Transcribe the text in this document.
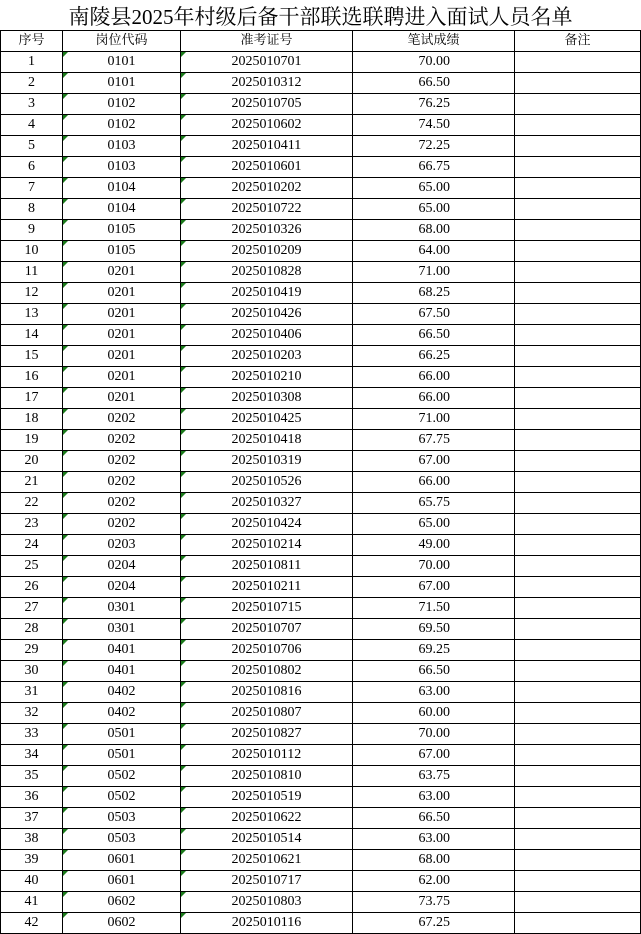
南陵县2025年村级后备干部联选联聘进入面试人员名单
序号	岗位代码	准考证号	笔试成绩	备注
1	0101	2025010701	70.00	
2	0101	2025010312	66.50	
3	0102	2025010705	76.25	
4	0102	2025010602	74.50	
5	0103	2025010411	72.25	
6	0103	2025010601	66.75	
7	0104	2025010202	65.00	
8	0104	2025010722	65.00	
9	0105	2025010326	68.00	
10	0105	2025010209	64.00	
11	0201	2025010828	71.00	
12	0201	2025010419	68.25	
13	0201	2025010426	67.50	
14	0201	2025010406	66.50	
15	0201	2025010203	66.25	
16	0201	2025010210	66.00	
17	0201	2025010308	66.00	
18	0202	2025010425	71.00	
19	0202	2025010418	67.75	
20	0202	2025010319	67.00	
21	0202	2025010526	66.00	
22	0202	2025010327	65.75	
23	0202	2025010424	65.00	
24	0203	2025010214	49.00	
25	0204	2025010811	70.00	
26	0204	2025010211	67.00	
27	0301	2025010715	71.50	
28	0301	2025010707	69.50	
29	0401	2025010706	69.25	
30	0401	2025010802	66.50	
31	0402	2025010816	63.00	
32	0402	2025010807	60.00	
33	0501	2025010827	70.00	
34	0501	2025010112	67.00	
35	0502	2025010810	63.75	
36	0502	2025010519	63.00	
37	0503	2025010622	66.50	
38	0503	2025010514	63.00	
39	0601	2025010621	68.00	
40	0601	2025010717	62.00	
41	0602	2025010803	73.75	
42	0602	2025010116	67.25	
